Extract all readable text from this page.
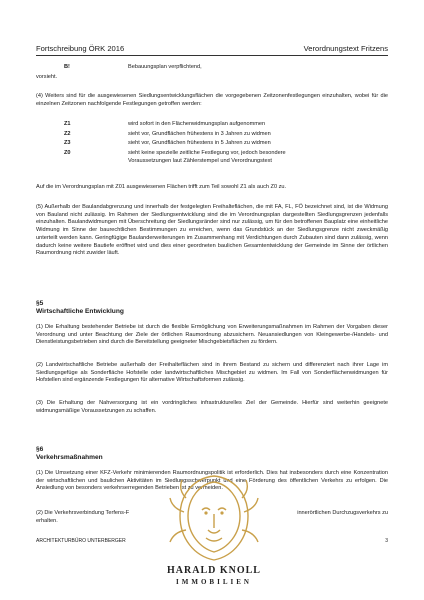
Fortschreibung ÖRK 2016	Verordnungstext Fritzens
B!	Bebauungsplan verpflichtend,
vorsieht.

(4) Weiters sind für die ausgewiesenen Siedlungsentwicklungsflächen die vorgegebenen Zeitzonenfestlegungen einzuhalten, wobei für die einzelnen Zeitzonen nachfolgende Festlegungen getroffen werden:

Z1	wird sofort in den Flächenwidmungsplan aufgenommen
Z2	sieht vor, Grundflächen frühestens in 3 Jahren zu widmen
Z3	sieht vor, Grundflächen frühestens in 5 Jahren zu widmen
Z0	sieht keine spezielle zeitliche Festlegung vor, jedoch besondere Voraussetzungen laut Zählerstempel und Verordnungstext

Auf die im Verordnungsplan mit Z01 ausgewiesenen Flächen trifft zum Teil sowohl Z1 als auch Z0 zu.

(5) Außerhalb der Baulandabgrenzung und innerhalb der festgelegten Freihalteflächen, die mit FA, FL, FÖ bezeichnet sind, ist die Widmung von Bauland nicht zulässig. Im Rahmen der Siedlungsentwicklung sind die im Verordnungsplan dargestellten Siedlungsgrenzen jedenfalls einzuhalten. Baulandwidmungen mit Überschreitung der Siedlungsränder sind nur zulässig, um für den betroffenen Bauplatz eine einheitliche Widmung im Sinne der baurechtlichen Bestimmungen zu erreichen, wenn das Grundstück an der Siedlungsgrenze nicht zweckmäßig unterteilt werden kann. Geringfügige Baulanderweiterungen im Zusammenhang mit Verdichtungen durch Zubauten sind dann zulässig, wenn dadurch keine weitere Bautiefe eröffnet wird und dies einer geordneten baulichen Gesamtentwicklung der Gemeinde im Sinne der örtlichen Raumordnung nicht zuwider läuft.

§5
Wirtschaftliche Entwicklung

(1) Die Erhaltung bestehender Betriebe ist durch die flexible Ermöglichung von Erweiterungsmaßnahmen im Rahmen der Vorgaben dieser Verordnung und unter Beachtung der Ziele der örtlichen Raumordnung abzusichern. Neuansiedlungen von Kleingewerbe-/Handels- und Dienstleistungsbetrieben sind durch die Bereitstellung geeigneter Mischgebietsflächen zu fördern.

(2) Landwirtschaftliche Betriebe außerhalb der Freihalteflächen sind in ihrem Bestand zu sichern und differenziert nach ihrer Lage im Siedlungsgefüge als Sonderfläche Hofstelle oder landwirtschaftliches Mischgebiet zu widmen. Im Fall von Sonderflächenwidmungen für Hofstellen sind ergänzende Festlegungen für alternative Wirtschaftsformen zulässig.

(3) Die Erhaltung der Nahversorgung ist ein vordringliches infrastrukturelles Ziel der Gemeinde. Hierfür sind weiterhin geeignete widmungsmäßige Voraussetzungen zu schaffen.

§6
Verkehrsmaßnahmen

(1) Die Umsetzung einer KFZ-Verkehr minimierenden Raumordnungspolitik ist erforderlich. Dies hat insbesonders durch eine Konzentration der wirtschaftlichen und baulichen Aktivitäten im Siedlungsschwerpunkt und eine Förderung des öffentlichen Verkehrs zu erfolgen. Die Ansiedlung von besonders verkehrserregenden Betrieben ist zu vermeiden.

(2) Die Verkehrsverbindung Terfens-F	innerörtlichen Durchzugsverkehrs zu
erhalten.
HARALD KNOLL
IMMOBILIEN
ARCHITEKTURBÜRO UNTERBERGER	3
